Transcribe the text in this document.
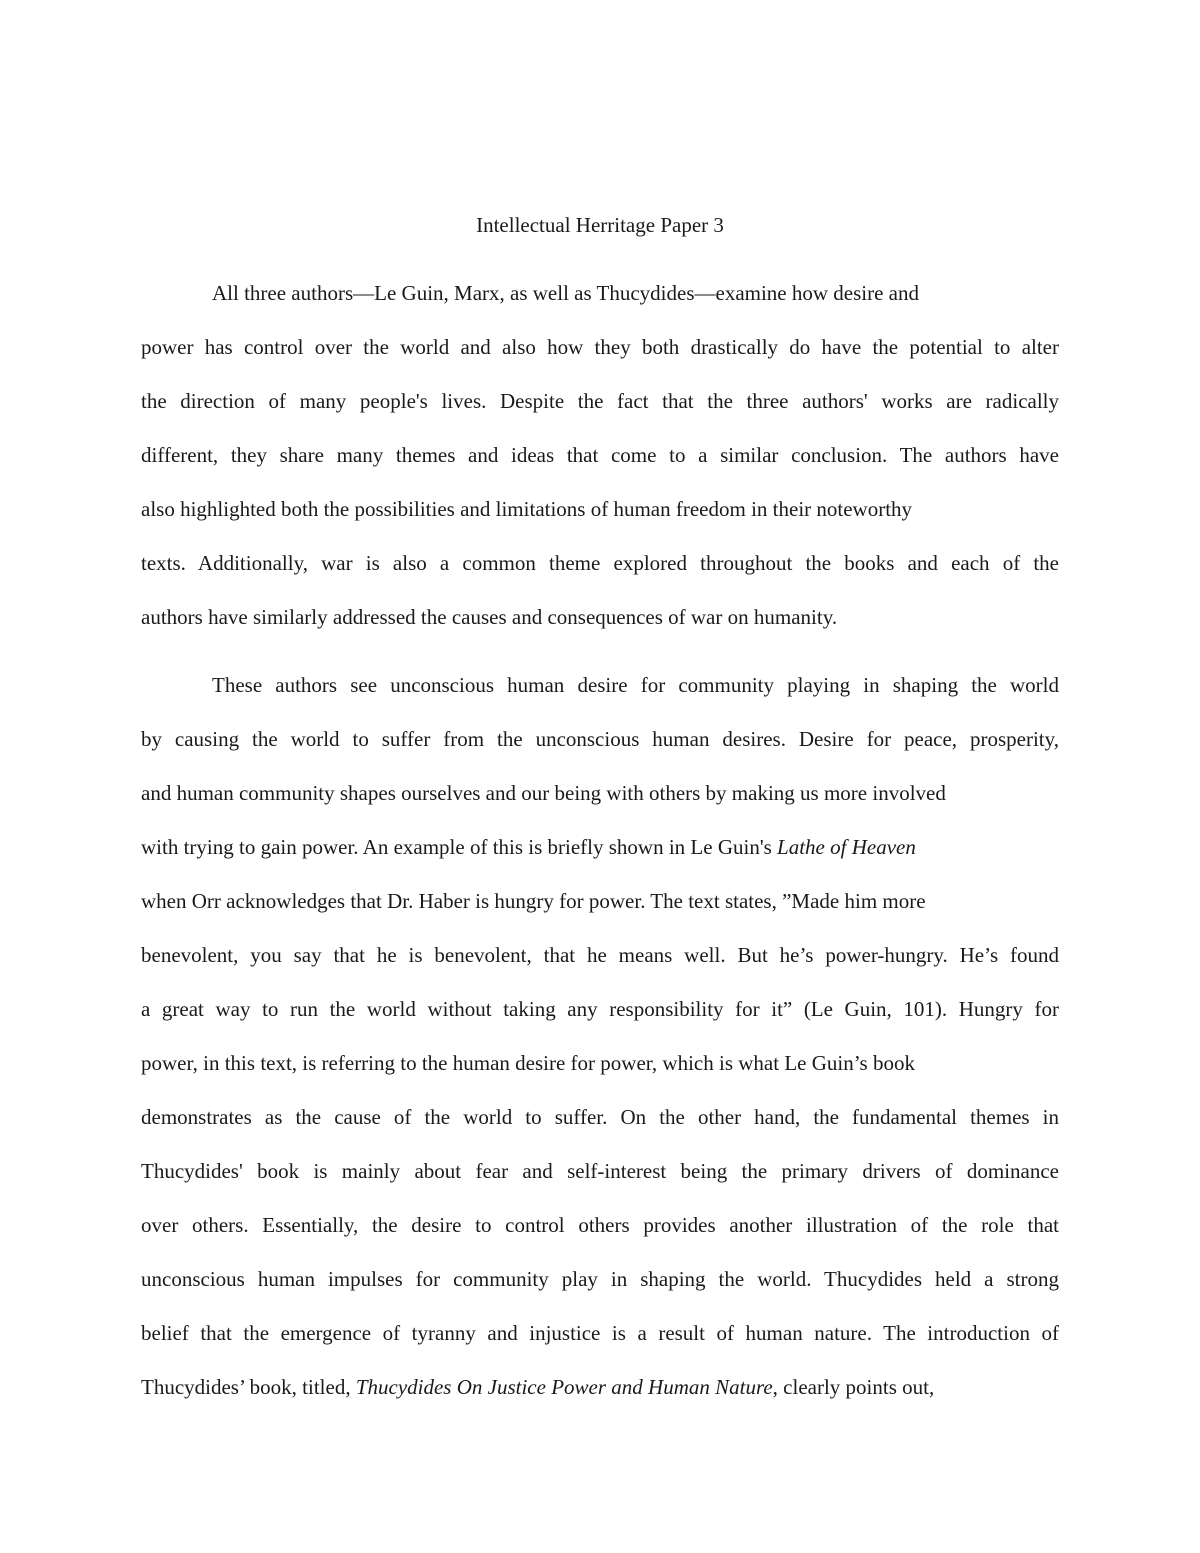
Intellectual Herritage Paper 3
All three authors—Le Guin, Marx, as well as Thucydides—examine how desire and
power has control over the world and also how they both drastically do have the potential to alter
the direction of many people's lives. Despite the fact that the three authors' works are radically
different, they share many themes and ideas that come to a similar conclusion. The authors have
also highlighted both the possibilities and limitations of human freedom in their noteworthy
texts. Additionally, war is also a common theme explored throughout the books and each of the
authors have similarly addressed the causes and consequences of war on humanity.
These authors see unconscious human desire for community playing in shaping the world
by causing the world to suffer from the unconscious human desires. Desire for peace, prosperity,
and human community shapes ourselves and our being with others by making us more involved
with trying to gain power. An example of this is briefly shown in Le Guin's Lathe of Heaven
when Orr acknowledges that Dr. Haber is hungry for power. The text states, ”Made him more
benevolent, you say that he is benevolent, that he means well. But he’s power-hungry. He’s found
a great way to run the world without taking any responsibility for it” (Le Guin, 101). Hungry for
power, in this text, is referring to the human desire for power, which is what Le Guin’s book
demonstrates as the cause of the world to suffer. On the other hand, the fundamental themes in
Thucydides' book is mainly about fear and self-interest being the primary drivers of dominance
over others. Essentially, the desire to control others provides another illustration of the role that
unconscious human impulses for community play in shaping the world. Thucydides held a strong
belief that the emergence of tyranny and injustice is a result of human nature. The introduction of
Thucydides’ book, titled, Thucydides On Justice Power and Human Nature, clearly points out,
